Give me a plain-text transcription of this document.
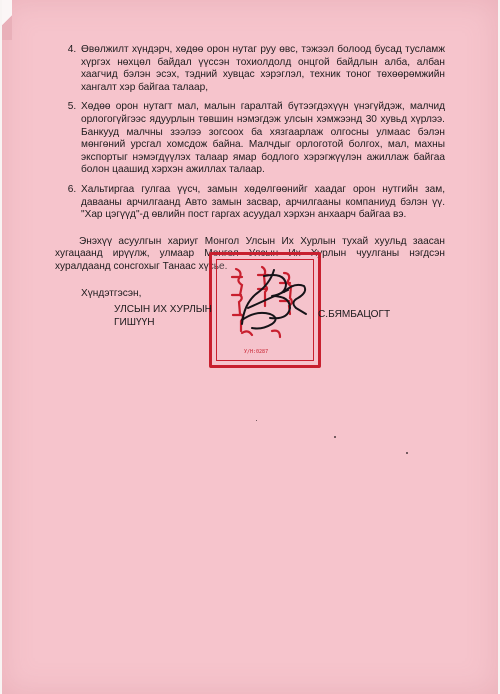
4. Өвөлжилт хүндэрч, хөдөө орон нутаг руу өвс, тэжээл болоод бусад тусламж хүргэх нөхцөл байдал үүссэн тохиолдолд онцгой байдлын алба, албан хаагчид бэлэн эсэх, тэдний хувцас хэрэглэл, техник тоног төхөөрөмжийн хангалт хэр байгаа талаар,
5. Хөдөө орон нутагт мал, малын гаралтай бүтээгдэхүүн үнэгүйдэж, малчид орлогогүйгээс ядуурлын төвшин нэмэгдэж улсын хэмжээнд 30 хувьд хүрлээ. Банкууд малчны зээлээ зогсоох ба хязгаарлаж олгосны улмаас бэлэн мөнгөний урсгал хомсдож байна. Малчдыг орлоготой болгох, мал, махны экспортыг нэмэгдүүлэх талаар ямар бодлого хэрэгжүүлэн ажиллаж байгаа болон цаашид хэрхэн ажиллах талаар.
6. Хальтиргаа гулгаа үүсч, замын хөдөлгөөнийг хаадаг орон нутгийн зам, давааны арчилгаанд Авто замын засвар, арчилгааны компаниуд бэлэн үү. "Хар цэгүүд"-д өвлийн пост гаргах асуудал хэрхэн анхаарч байгаа вэ.

Энэхүү асуулгын хариуг Монгол Улсын Их Хурлын тухай хуульд заасан хугацаанд ирүүлж, улмаар Монгол Улсын Их Хурлын чуулганы нэгдсэн хуралдаанд сонсгохыг Танаас хүсье.

Хүндэтгэсэн,

У/Н:0287
УЛСЫН ИХ ХУРЛЫН
ГИШҮҮН
С.БЯМБАЦОГТ
